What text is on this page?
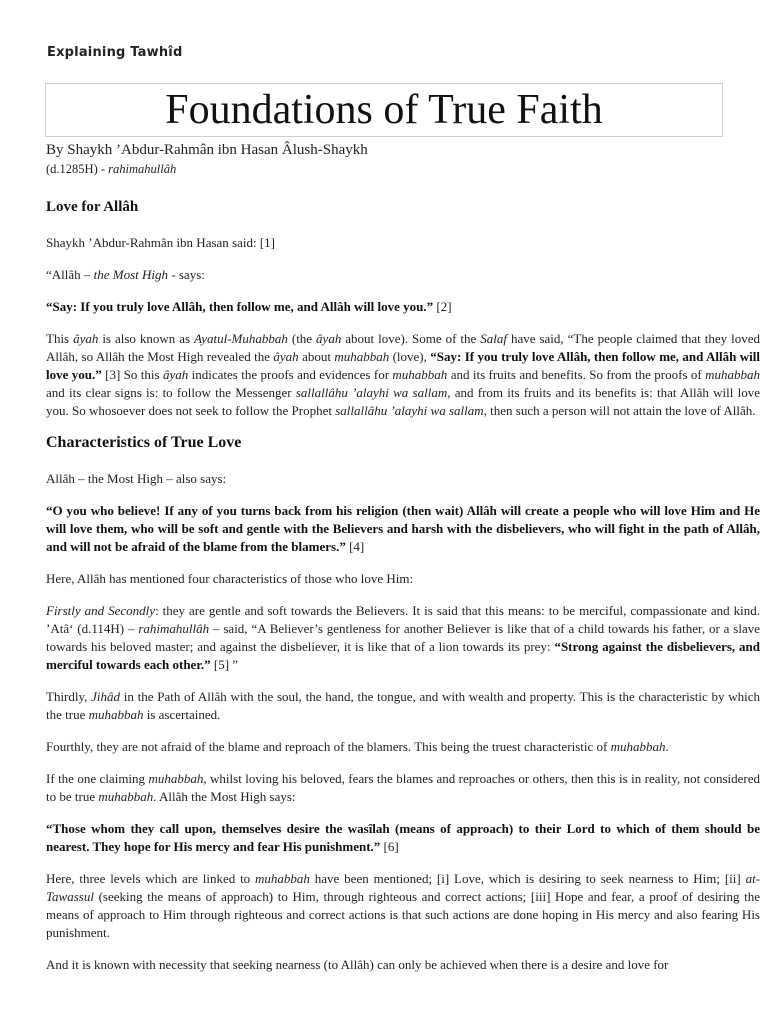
Explaining Tawhîd
Foundations of True Faith
By Shaykh ’Abdur-Rahmân ibn Hasan Âlush-Shaykh
(d.1285H) - rahimahullâh
Love for Allâh

Shaykh ’Abdur-Rahmân ibn Hasan said: [1]

“Allâh – the Most High - says:

“Say: If you truly love Allâh, then follow me, and Allâh will love you.” [2]

This âyah is also known as Ayatul-Muhabbah (the âyah about love). Some of the Salaf have said, “The people claimed that they loved Allâh, so Allâh the Most High revealed the âyah about muhabbah (love), “Say: If you truly love Allâh, then follow me, and Allâh will love you.” [3] So this âyah indicates the proofs and evidences for muhabbah and its fruits and benefits. So from the proofs of muhabbah and its clear signs is: to follow the Messenger sallallâhu ’alayhi wa sallam, and from its fruits and its benefits is: that Allâh will love you. So whosoever does not seek to follow the Prophet sallallâhu ’alayhi wa sallam, then such a person will not attain the love of Allâh.

Characteristics of True Love

Allâh – the Most High – also says:

“O you who believe! If any of you turns back from his religion (then wait) Allâh will create a people who will love Him and He will love them, who will be soft and gentle with the Believers and harsh with the disbelievers, who will fight in the path of Allâh, and will not be afraid of the blame from the blamers.” [4]

Here, Allâh has mentioned four characteristics of those who love Him:

Firstly and Secondly: they are gentle and soft towards the Believers. It is said that this means: to be merciful, compassionate and kind. ’Atâ‘ (d.114H) – rahimahullâh – said, “A Believer’s gentleness for another Believer is like that of a child towards his father, or a slave towards his beloved master; and against the disbeliever, it is like that of a lion towards its prey: “Strong against the disbelievers, and merciful towards each other.” [5] ”

Thirdly, Jihâd in the Path of Allâh with the soul, the hand, the tongue, and with wealth and property. This is the characteristic by which the true muhabbah is ascertained.

Fourthly, they are not afraid of the blame and reproach of the blamers. This being the truest characteristic of muhabbah.

If the one claiming muhabbah, whilst loving his beloved, fears the blames and reproaches or others, then this is in reality, not considered to be true muhabbah. Allâh the Most High says:

“Those whom they call upon, themselves desire the wasîlah (means of approach) to their Lord to which of them should be nearest. They hope for His mercy and fear His punishment.” [6]

Here, three levels which are linked to muhabbah have been mentioned; [i] Love, which is desiring to seek nearness to Him; [ii] at-Tawassul (seeking the means of approach) to Him, through righteous and correct actions; [iii] Hope and fear, a proof of desiring the means of approach to Him through righteous and correct actions is that such actions are done hoping in His mercy and also fearing His punishment.

And it is known with necessity that seeking nearness (to Allâh) can only be achieved when there is a desire and love for
